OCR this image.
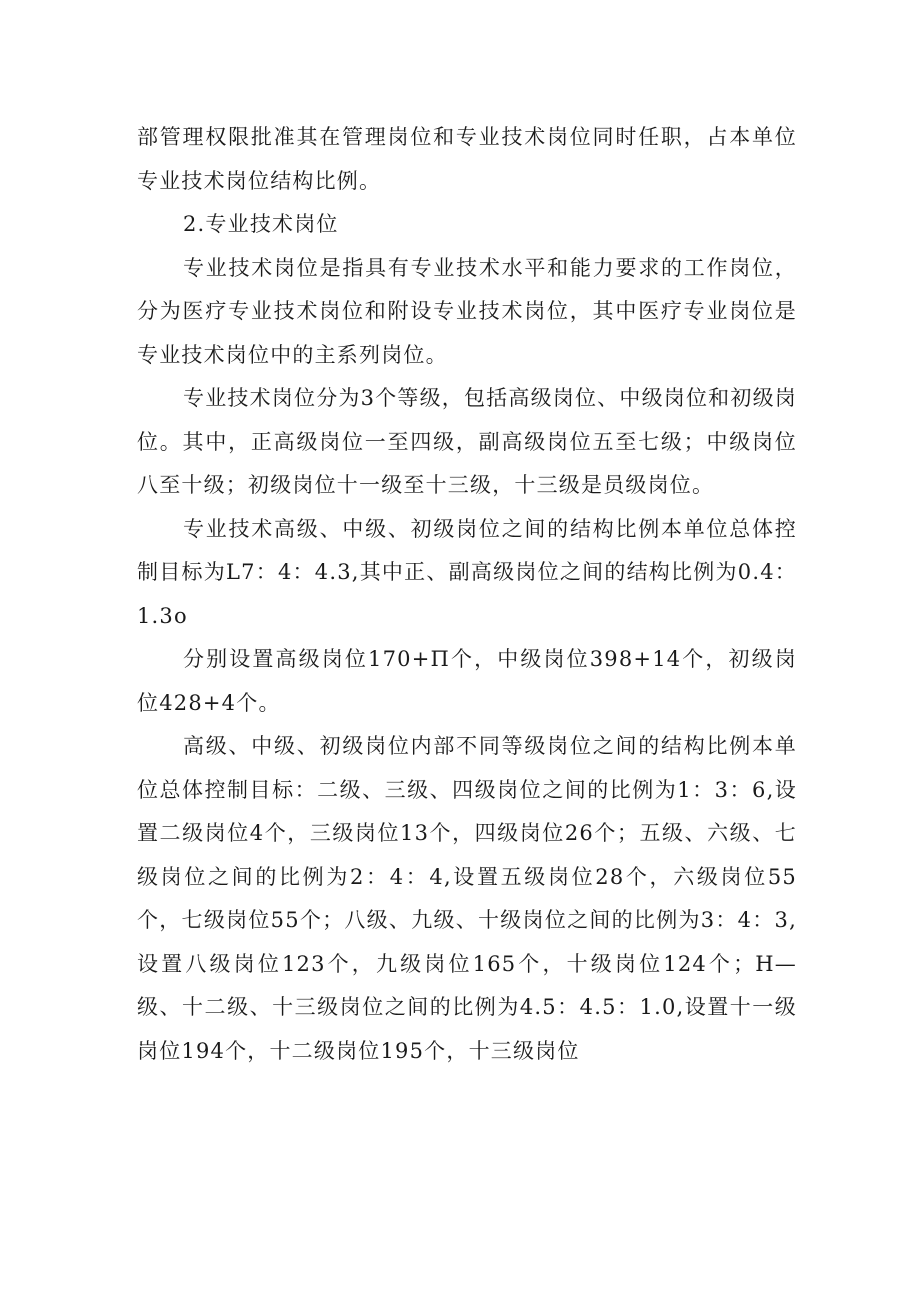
部管理权限批准其在管理岗位和专业技术岗位同时任职，占本单位专业技术岗位结构比例。

2.专业技术岗位

专业技术岗位是指具有专业技术水平和能力要求的工作岗位，分为医疗专业技术岗位和附设专业技术岗位，其中医疗专业岗位是专业技术岗位中的主系列岗位。

专业技术岗位分为3个等级，包括高级岗位、中级岗位和初级岗位。其中，正高级岗位一至四级，副高级岗位五至七级；中级岗位八至十级；初级岗位十一级至十三级，十三级是员级岗位。

专业技术高级、中级、初级岗位之间的结构比例本单位总体控制目标为L7：4：4.3,其中正、副高级岗位之间的结构比例为0.4：1.3o

分别设置高级岗位170+Π个，中级岗位398+14个，初级岗位428+4个。

高级、中级、初级岗位内部不同等级岗位之间的结构比例本单位总体控制目标：二级、三级、四级岗位之间的比例为1：3：6,设置二级岗位4个，三级岗位13个，四级岗位26个；五级、六级、七级岗位之间的比例为2：4：4,设置五级岗位28个，六级岗位55个，七级岗位55个；八级、九级、十级岗位之间的比例为3：4：3,设置八级岗位123个，九级岗位165个，十级岗位124个；H—级、十二级、十三级岗位之间的比例为4.5：4.5：1.0,设置十一级岗位194个，十二级岗位195个，十三级岗位
